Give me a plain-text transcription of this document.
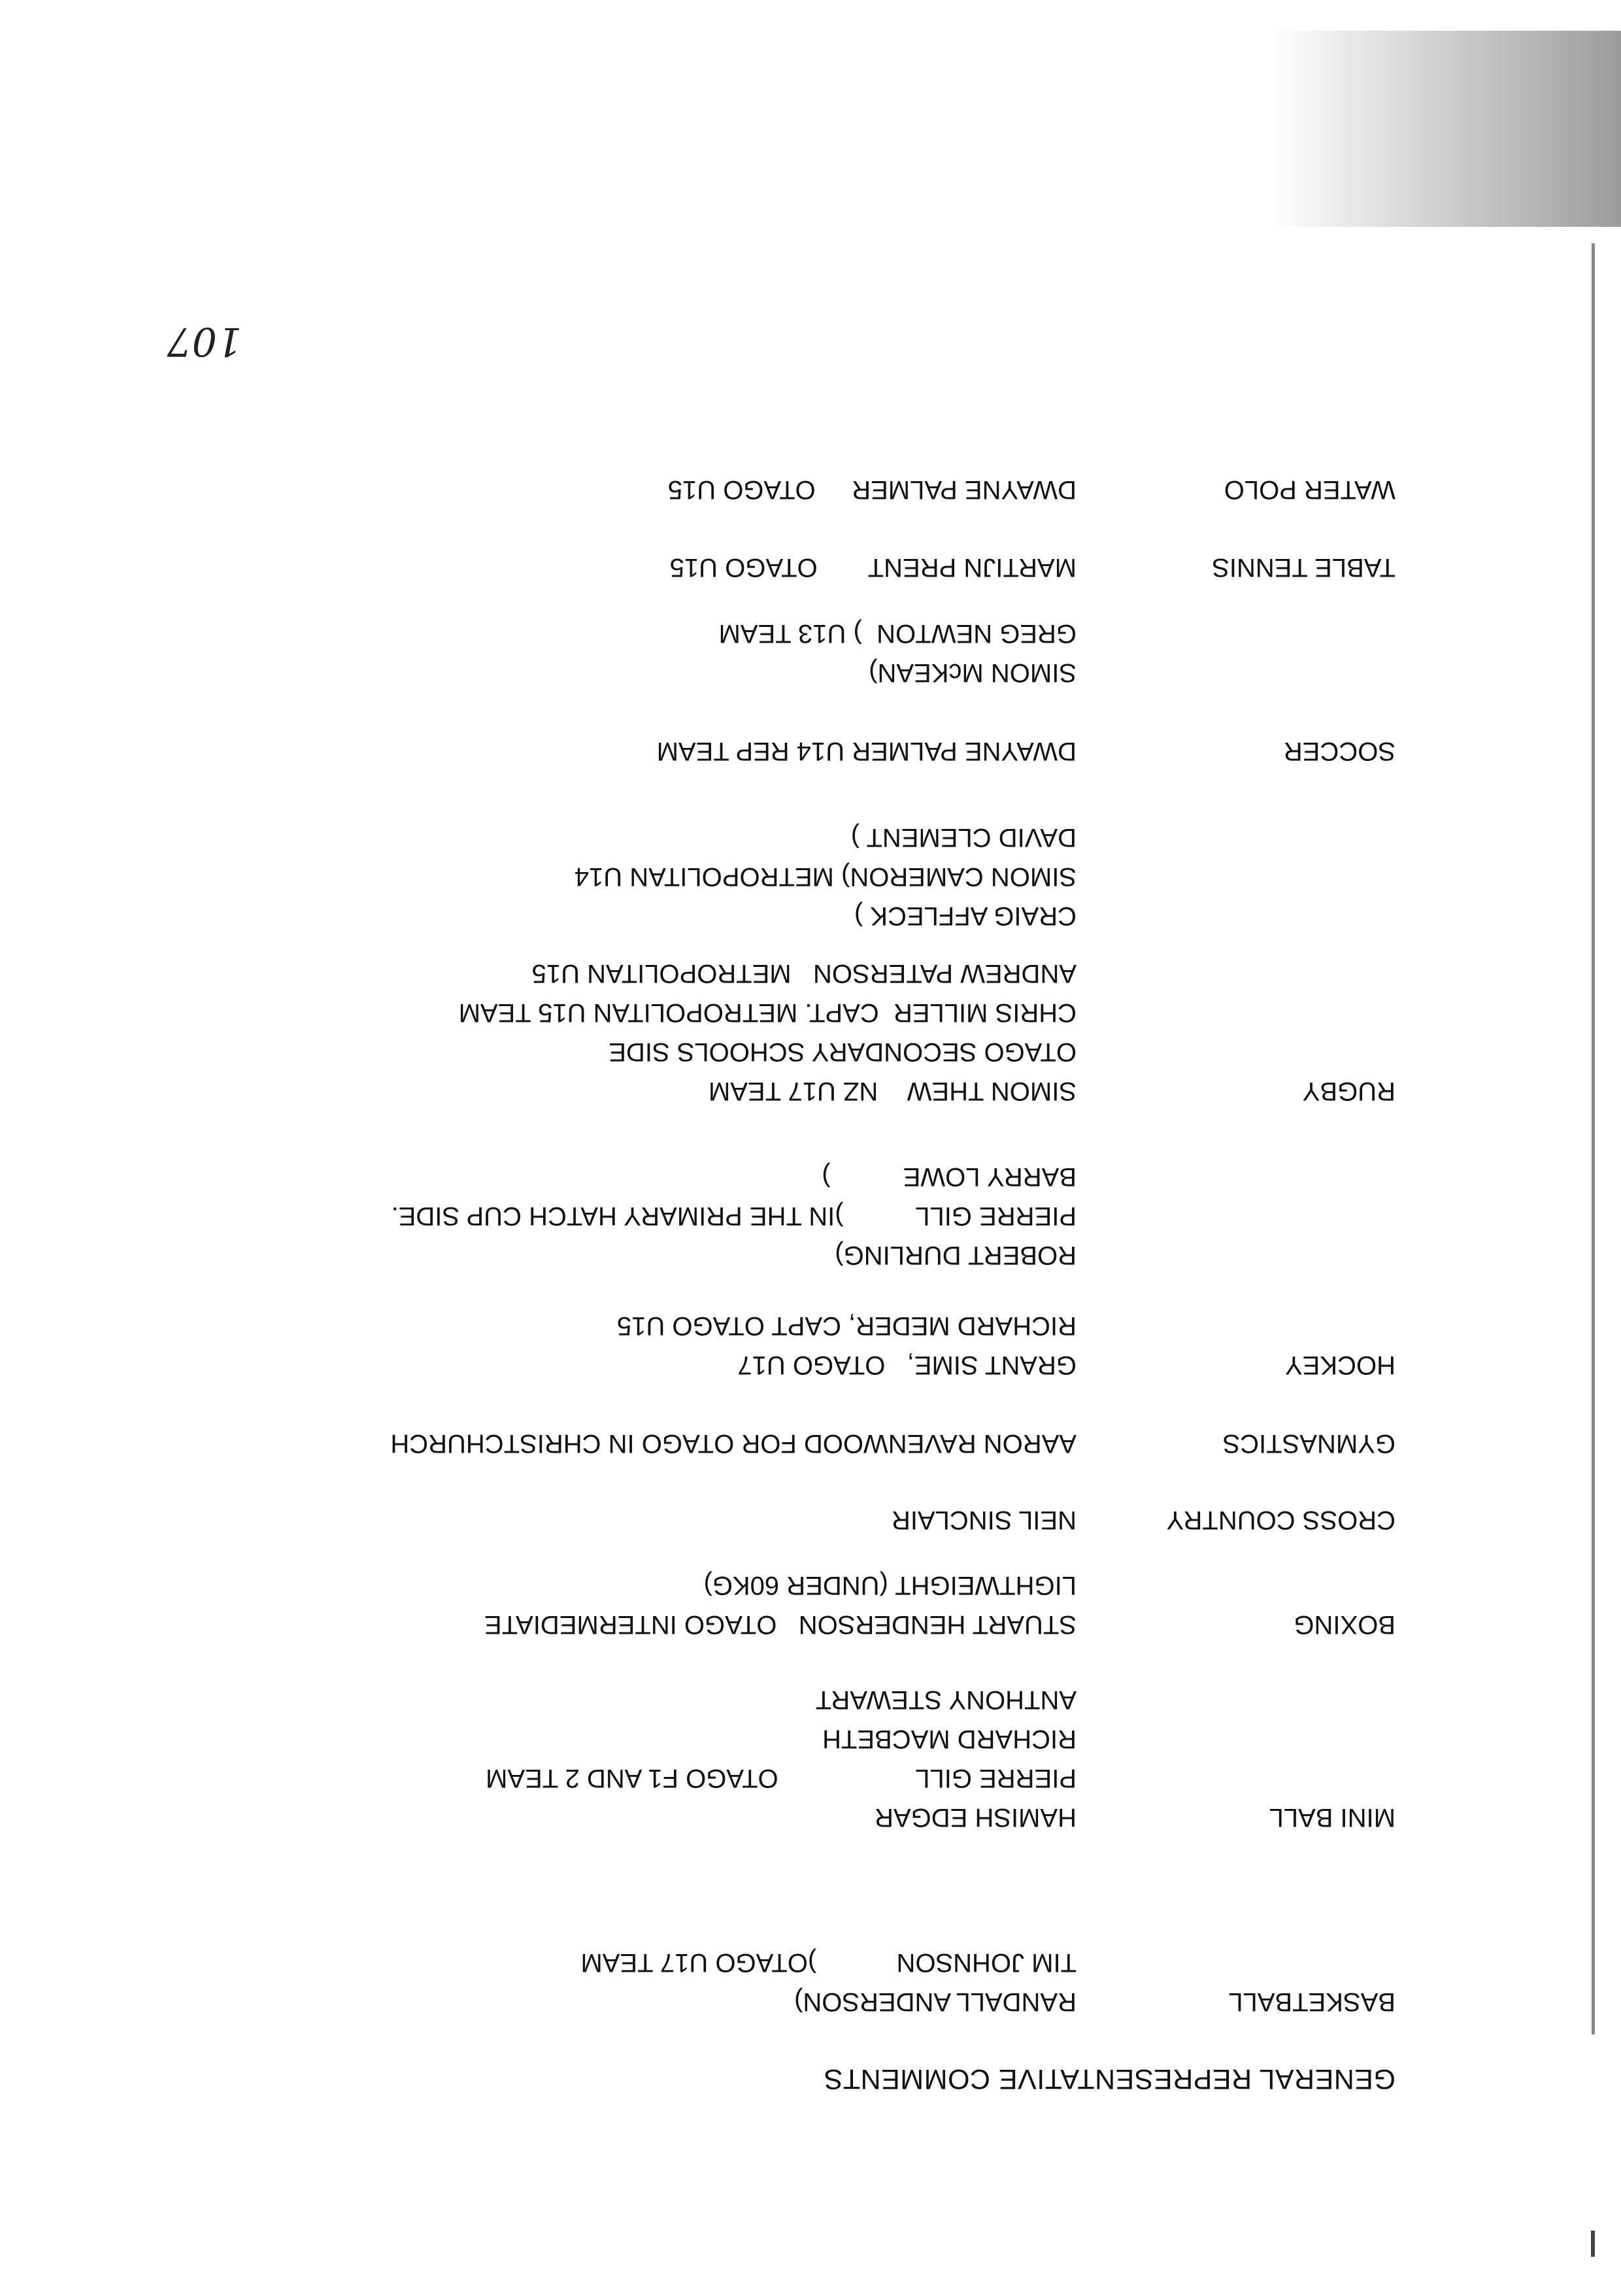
GENERAL REPRESENTATIVE COMMENTS
BASKETBALL
RANDALL ANDERSON)
TIM JOHNSON           )OTAGO U17 TEAM
MINI BALL
HAMISH EDGAR
PIERRE GILL                   OTAGO F1 AND 2 TEAM
RICHARD MACBETH
ANTHONY STEWART
BOXING
STUART HENDERSON   OTAGO INTERMEDIATE
LIGHTWEIGHT (UNDER 60KG)
CROSS COUNTRY
NEIL SINCLAIR
GYMNASTICS
AARON RAVENWOOD FOR OTAGO IN CHRISTCHURCH
HOCKEY
GRANT SIME,   OTAGO U17
RICHARD MEDER, CAPT OTAGO U15
ROBERT DURLING)
PIERRE GILL          )IN THE PRIMARY HATCH CUP SIDE.
BARRY LOWE          )
RUGBY
SIMON THEW    NZ U17 TEAM
OTAGO SECONDARY SCHOOLS SIDE
CHRIS MILLER  CAPT. METROPOLITAN U15 TEAM
ANDREW PATERSON   METROPOLITAN U15
CRAIG AFFLECK )
SIMON CAMERON) METROPOLITAN U14
DAVID CLEMENT )
SOCCER
DWAYNE PALMER U14 REP TEAM
SIMON McKEAN)
GREG NEWTON  ) U13 TEAM
TABLE TENNIS
MARTIJN PRENT       OTAGO U15
WATER POLO
DWAYNE PALMER     OTAGO U15
107
